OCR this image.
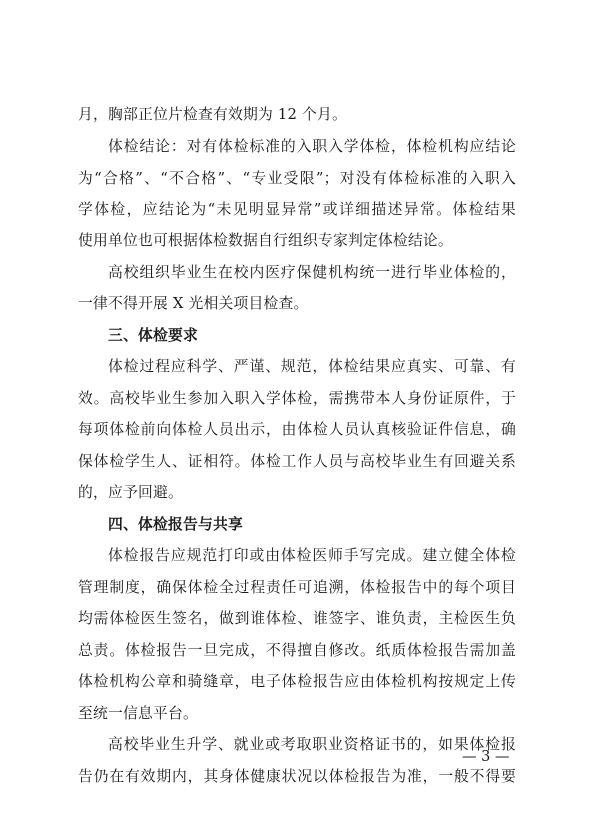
月，胸部正位片检查有效期为 12 个月。
体检结论：对有体检标准的入职入学体检，体检机构应结论
为“合格”、“不合格”、“专业受限”；对没有体检标准的入职入
学体检，应结论为“未见明显异常”或详细描述异常。体检结果
使用单位也可根据体检数据自行组织专家判定体检结论。
高校组织毕业生在校内医疗保健机构统一进行毕业体检的，
一律不得开展 X 光相关项目检查。
三、体检要求
体检过程应科学、严谨、规范，体检结果应真实、可靠、有
效。高校毕业生参加入职入学体检，需携带本人身份证原件，于
每项体检前向体检人员出示，由体检人员认真核验证件信息，确
保体检学生人、证相符。体检工作人员与高校毕业生有回避关系
的，应予回避。
四、体检报告与共享
体检报告应规范打印或由体检医师手写完成。建立健全体检
管理制度，确保体检全过程责任可追溯，体检报告中的每个项目
均需体检医生签名，做到谁体检、谁签字、谁负责，主检医生负
总责。体检报告一旦完成，不得擅自修改。纸质体检报告需加盖
体检机构公章和骑缝章，电子体检报告应由体检机构按规定上传
至统一信息平台。
高校毕业生升学、就业或考取职业资格证书的，如果体检报
告仍在有效期内，其身体健康状况以体检报告为准，一般不得要
— 3 —
